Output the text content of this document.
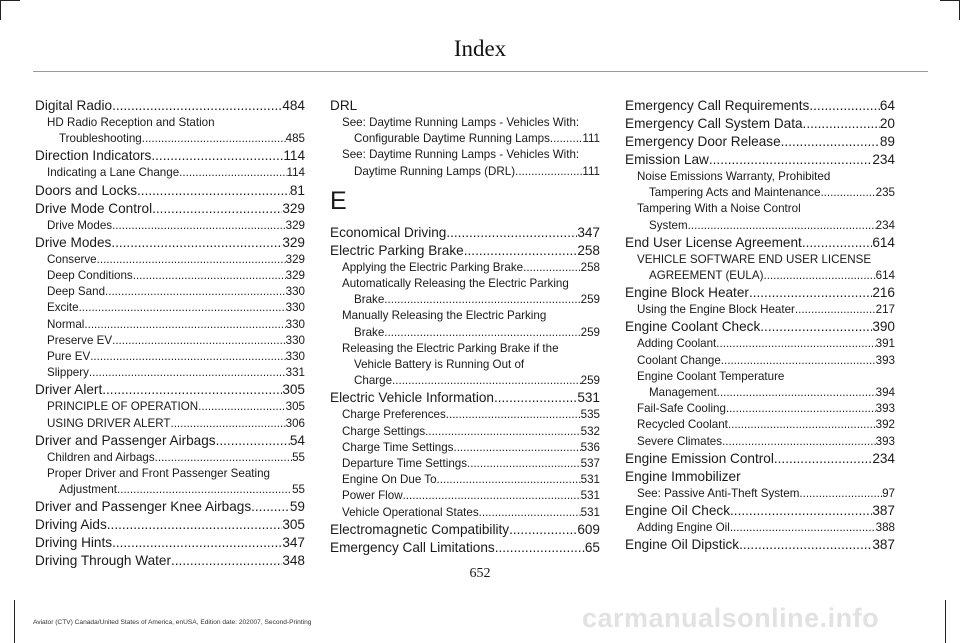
Index
Digital Radio .....	484
HD Radio Reception and Station
Troubleshooting .....	485
Direction Indicators .....	114
Indicating a Lane Change .....	114
Doors and Locks .....	81
Drive Mode Control .....	329
Drive Modes .....	329
Drive Modes .....	329
Conserve .....	329
Deep Conditions .....	329
Deep Sand .....	330
Excite .....	330
Normal .....	330
Preserve EV .....	330
Pure EV .....	330
Slippery .....	331
Driver Alert .....	305
PRINCIPLE OF OPERATION .....	305
USING DRIVER ALERT .....	306
Driver and Passenger Airbags .....	54
Children and Airbags .....	55
Proper Driver and Front Passenger Seating
Adjustment .....	55
Driver and Passenger Knee Airbags .....	59
Driving Aids .....	305
Driving Hints .....	347
Driving Through Water .....	348
DRL
See: Daytime Running Lamps - Vehicles With:
Configurable Daytime Running Lamps .....	111
See: Daytime Running Lamps - Vehicles With:
Daytime Running Lamps (DRL) .....	111
E
Economical Driving .....	347
Electric Parking Brake .....	258
Applying the Electric Parking Brake .....	258
Automatically Releasing the Electric Parking
Brake .....	259
Manually Releasing the Electric Parking
Brake .....	259
Releasing the Electric Parking Brake if the
Vehicle Battery is Running Out of
Charge .....	259
Electric Vehicle Information .....	531
Charge Preferences .....	535
Charge Settings .....	532
Charge Time Settings .....	536
Departure Time Settings .....	537
Engine On Due To .....	531
Power Flow .....	531
Vehicle Operational States .....	531
Electromagnetic Compatibility .....	609
Emergency Call Limitations .....	65
Emergency Call Requirements .....	64
Emergency Call System Data .....	20
Emergency Door Release .....	89
Emission Law .....	234
Noise Emissions Warranty, Prohibited
Tampering Acts and Maintenance .....	235
Tampering With a Noise Control
System .....	234
End User License Agreement .....	614
VEHICLE SOFTWARE END USER LICENSE
AGREEMENT (EULA) .....	614
Engine Block Heater .....	216
Using the Engine Block Heater .....	217
Engine Coolant Check .....	390
Adding Coolant .....	391
Coolant Change .....	393
Engine Coolant Temperature
Management .....	394
Fail-Safe Cooling .....	393
Recycled Coolant .....	392
Severe Climates .....	393
Engine Emission Control .....	234
Engine Immobilizer
See: Passive Anti-Theft System .....	97
Engine Oil Check .....	387
Adding Engine Oil .....	388
Engine Oil Dipstick .....	387
652
Aviator (CTV) Canada/United States of America, enUSA, Edition date: 202007, Second-Printing	carmanualsonline.info
